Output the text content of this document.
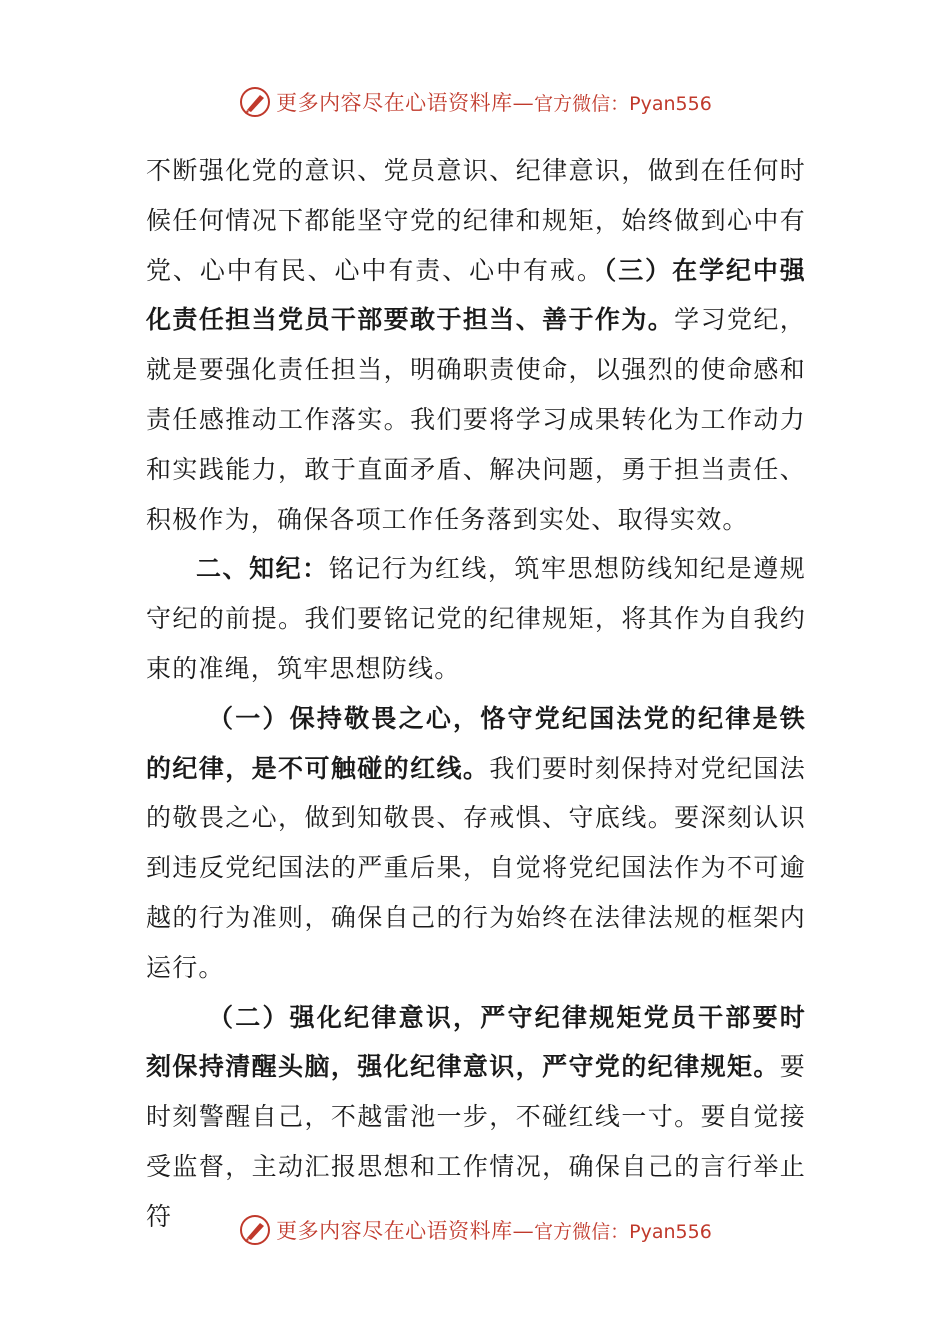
更多内容尽在心语资料库— 官方微信：Pyan556

不断强化党的意识、党员意识、纪律意识，做到在任何时候任何情况下都能坚守党的纪律和规矩，始终做到心中有党、心中有民、心中有责、心中有戒。（三）在学纪中强化责任担当党员干部要敢于担当、善于作为。学习党纪，就是要强化责任担当，明确职责使命，以强烈的使命感和责任感推动工作落实。我们要将学习成果转化为工作动力和实践能力，敢于直面矛盾、解决问题，勇于担当责任、积极作为，确保各项工作任务落到实处、取得实效。

二、知纪：铭记行为红线，筑牢思想防线知纪是遵规守纪的前提。我们要铭记党的纪律规矩，将其作为自我约束的准绳，筑牢思想防线。

（一）保持敬畏之心，恪守党纪国法党的纪律是铁的纪律，是不可触碰的红线。我们要时刻保持对党纪国法的敬畏之心，做到知敬畏、存戒惧、守底线。要深刻认识到违反党纪国法的严重后果，自觉将党纪国法作为不可逾越的行为准则，确保自己的行为始终在法律法规的框架内运行。

（二）强化纪律意识，严守纪律规矩党员干部要时刻保持清醒头脑，强化纪律意识，严守党的纪律规矩。要时刻警醒自己，不越雷池一步，不碰红线一寸。要自觉接受监督，主动汇报思想和工作情况，确保自己的言行举止符

更多内容尽在心语资料库— 官方微信：Pyan556
